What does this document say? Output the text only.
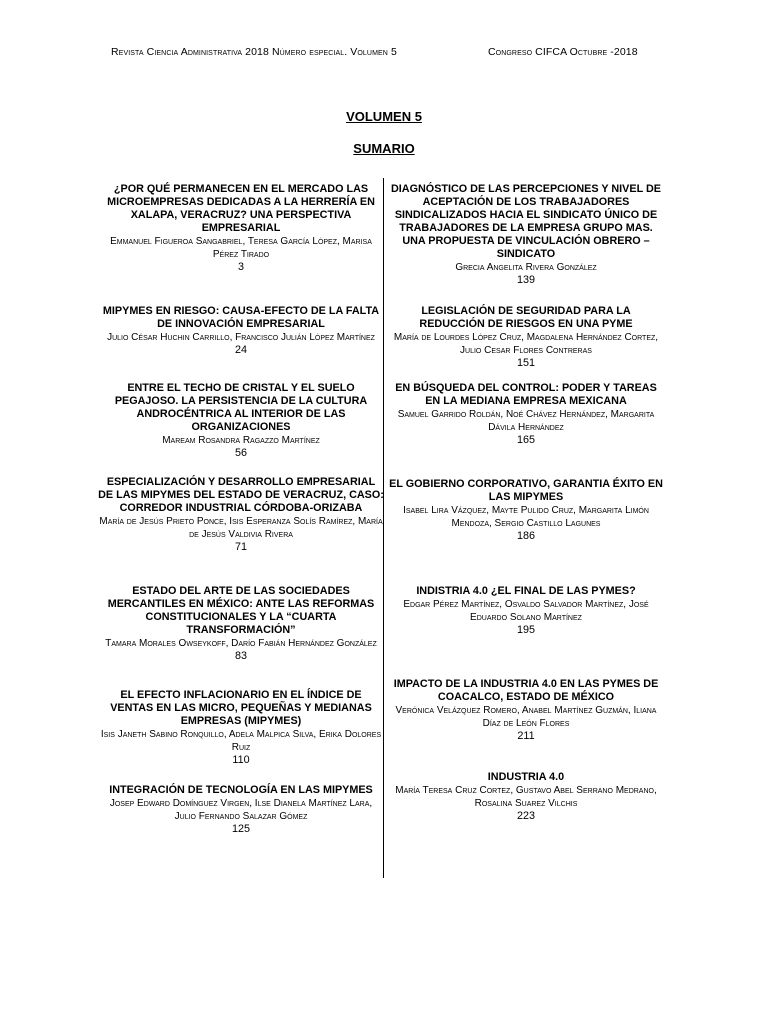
Revista Ciencia Administrativa 2018 Número especial. Volumen 5	Congreso CIFCA Octubre -2018
VOLUMEN 5
SUMARIO
¿POR QUÉ PERMANECEN EN EL MERCADO LAS MICROEMPRESAS DEDICADAS A LA HERRERÍA EN XALAPA, VERACRUZ? UNA PERSPECTIVA EMPRESARIAL
Emmanuel Figueroa Sangabriel, Teresa García López, Marisa Pérez Tirado
3
MIPYMES EN RIESGO: CAUSA-EFECTO DE LA FALTA DE INNOVACIÓN EMPRESARIAL
Julio César Huchin Carrillo, Francisco Julián López Martínez
24
ENTRE EL TECHO DE CRISTAL Y EL SUELO PEGAJOSO. LA PERSISTENCIA DE LA CULTURA ANDROCÉNTRICA AL INTERIOR DE LAS ORGANIZACIONES
Maream Rosandra Ragazzo Martínez
56
ESPECIALIZACIÓN Y DESARROLLO EMPRESARIAL DE LAS MIPYMES DEL ESTADO DE VERACRUZ, CASO: CORREDOR INDUSTRIAL CÓRDOBA-ORIZABA
María de Jesús Prieto Ponce, Isis Esperanza Solís Ramírez, María de Jesús Valdivia Rivera
71
ESTADO DEL ARTE DE LAS SOCIEDADES MERCANTILES EN MÉXICO: ANTE LAS REFORMAS CONSTITUCIONALES Y LA “CUARTA TRANSFORMACIÓN”
Tamara Morales Owseykoff, Darío Fabián Hernández González
83
EL EFECTO INFLACIONARIO EN EL ÍNDICE DE VENTAS EN LAS MICRO, PEQUEÑAS Y MEDIANAS EMPRESAS (MIPYMES)
Isis Janeth Sabino Ronquillo, Adela Malpica Silva, Erika Dolores Ruiz
110
INTEGRACIÓN DE TECNOLOGÍA EN LAS MIPYMES
Josep Edward Domínguez Virgen, Ilse Dianela Martínez Lara, Julio Fernando Salazar Gómez
125
DIAGNÓSTICO DE LAS PERCEPCIONES Y NIVEL DE ACEPTACIÓN DE LOS TRABAJADORES SINDICALIZADOS HACIA EL SINDICATO ÚNICO DE TRABAJADORES DE LA EMPRESA GRUPO MAS. UNA PROPUESTA DE VINCULACIÓN OBRERO – SINDICATO
Grecia Angelita Rivera González
139
LEGISLACIÓN DE SEGURIDAD PARA LA REDUCCIÓN DE RIESGOS EN UNA PYME
María de Lourdes López Cruz, Magdalena Hernández Cortez, Julio Cesar Flores Contreras
151
EN BÚSQUEDA DEL CONTROL: PODER Y TAREAS EN LA MEDIANA EMPRESA MEXICANA
Samuel Garrido Roldán, Noé Chávez Hernández, Margarita Dávila Hernández
165
EL GOBIERNO CORPORATIVO, GARANTIA ÉXITO EN LAS MIPYMES
Isabel Lira Vázquez, Mayte Pulido Cruz, Margarita Limón Mendoza, Sergio Castillo Lagunes
186
INDISTRIA 4.0 ¿EL FINAL DE LAS PYMES?
Edgar Pérez Martínez, Osvaldo Salvador Martínez, José Eduardo Solano Martínez
195
IMPACTO DE LA INDUSTRIA 4.0 EN LAS PYMES DE COACALCO, ESTADO DE MÉXICO
Verónica Velázquez Romero, Anabel Martínez Guzmán, Iliana Díaz de León Flores
211
INDUSTRIA 4.0
María Teresa Cruz Cortez, Gustavo Abel Serrano Medrano, Rosalina Suarez Vilchis
223
